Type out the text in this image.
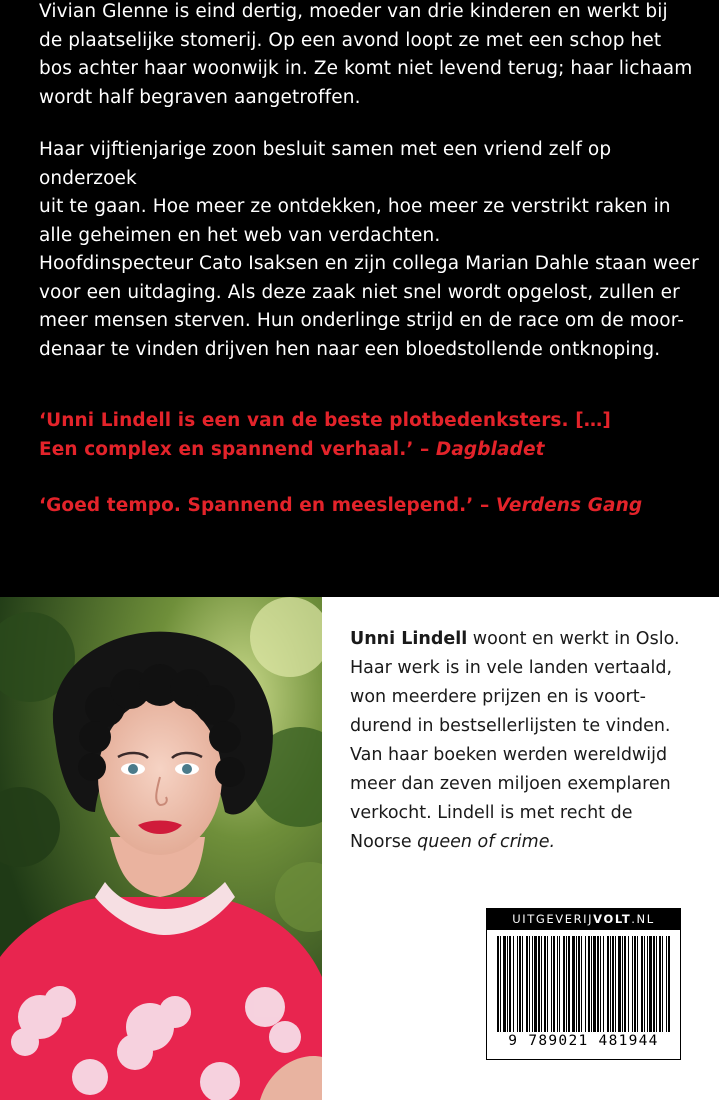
Vivian Glenne is eind dertig, moeder van drie kinderen en werkt bij
de plaatselijke stomerij. Op een avond loopt ze met een schop het
bos achter haar woonwijk in. Ze komt niet levend terug; haar lichaam
wordt half begraven aangetroffen.

Haar vijftienjarige zoon besluit samen met een vriend zelf op onderzoek
uit te gaan. Hoe meer ze ontdekken, hoe meer ze verstrikt raken in
alle geheimen en het web van verdachten.

Hoofdinspecteur Cato Isaksen en zijn collega Marian Dahle staan weer
voor een uitdaging. Als deze zaak niet snel wordt opgelost, zullen er
meer mensen sterven. Hun onderlinge strijd en de race om de moor-
denaar te vinden drijven hen naar een bloedstollende ontknoping.

‘Unni Lindell is een van de beste plotbedenksters. […]
Een complex en spannend verhaal.’ – Dagbladet

‘Goed tempo. Spannend en meeslepend.’ – Verdens Gang

Unni Lindell woont en werkt in Oslo.
Haar werk is in vele landen vertaald,
won meerdere prijzen en is voort-
durend in bestsellerlijsten te vinden.
Van haar boeken werden wereldwijd
meer dan zeven miljoen exemplaren
verkocht. Lindell is met recht de
Noorse queen of crime.

UITGEVERIJVOLT.NL
9 789021 481944
